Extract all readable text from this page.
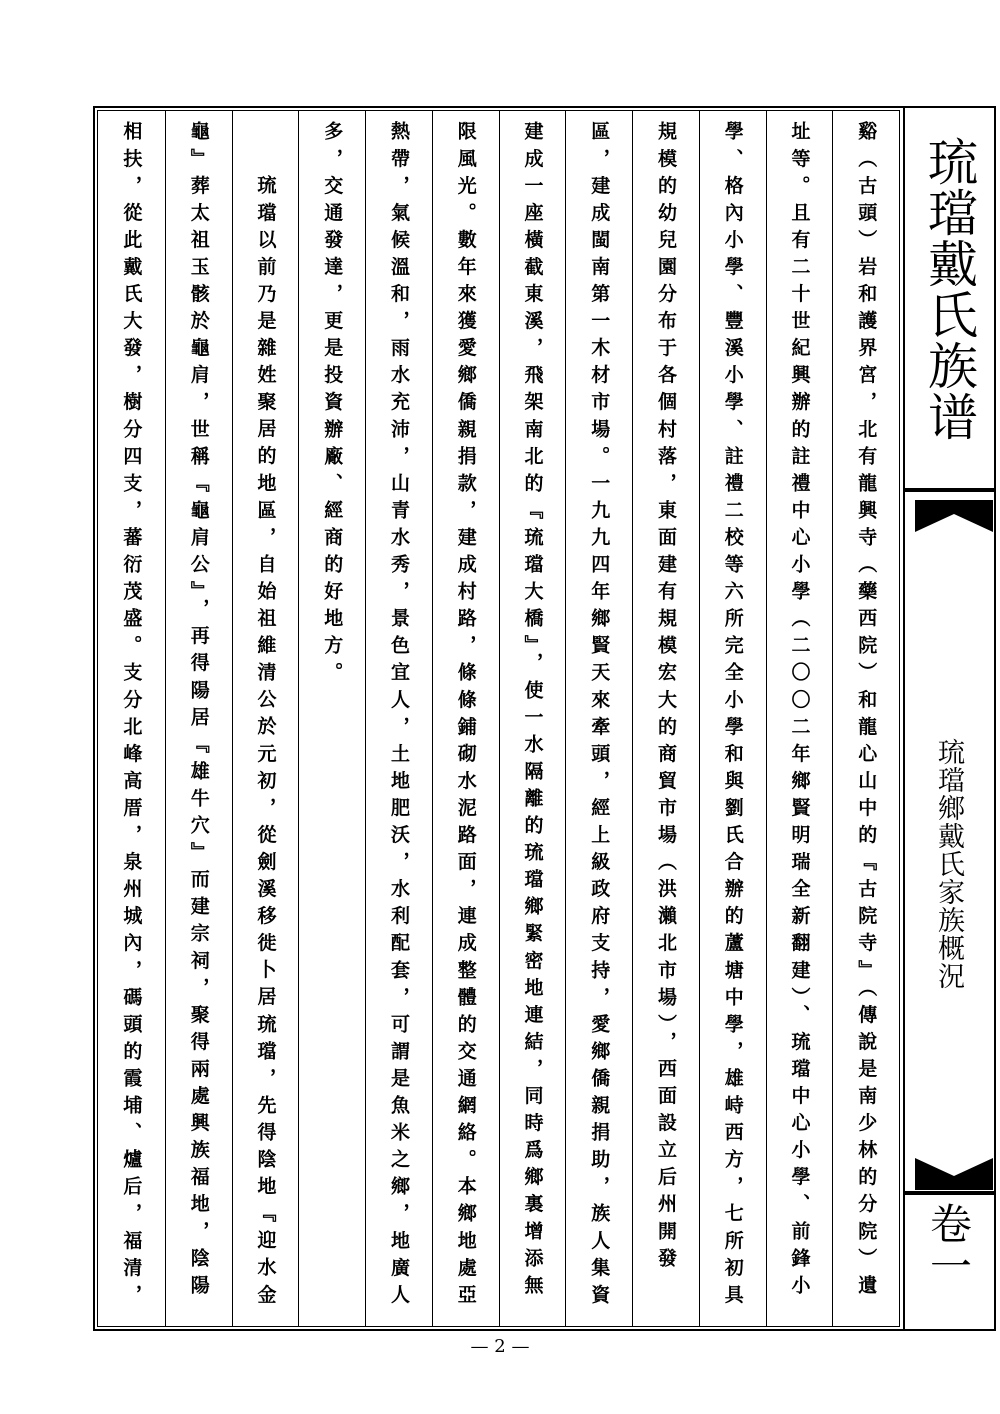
谿（古頭）岩和護界宮，北有龍興寺（藥西院）和龍心山中的『古院寺』（傳說是南少林的分院）遺
址等。且有二十世紀興辦的註禮中心小學（二〇〇二年鄉賢明瑞全新翻建）、琉璫中心小學、前鋒小
學、格內小學、豐溪小學、註禮二校等六所完全小學和與劉氏合辦的蘆塘中學，雄峙西方，七所初具
規模的幼兒園分布于各個村落，東面建有規模宏大的商貿市場（洪瀨北市場），西面設立后州開發
區，建成閩南第一木材市場。一九九四年鄉賢天來牽頭，經上級政府支持，愛鄉僑親捐助，族人集資
建成一座橫截東溪，飛架南北的『琉璫大橋』，使一水隔離的琉璫鄉緊密地連結，同時爲鄉裏增添無
限風光。數年來獲愛鄉僑親捐款，建成村路，條條鋪砌水泥路面，連成整體的交通網絡。本鄉地處亞
熱帶，氣候溫和，雨水充沛，山青水秀，景色宜人，土地肥沃，水利配套，可謂是魚米之鄉，地廣人
多，交通發達，更是投資辦廠、經商的好地方。
琉璫以前乃是雜姓聚居的地區，自始祖維清公於元初，從劍溪移徙卜居琉璫，先得陰地『迎水金
龜』葬太祖玉骸於龜肩，世稱『龜肩公』，再得陽居『雄牛穴』而建宗祠，聚得兩處興族福地，陰陽
相扶，從此戴氏大發，樹分四支，蕃衍茂盛。支分北峰高厝，泉州城內，碼頭的霞埔、爐后，福清，	琉璫戴氏族谱
琉璫鄉戴氏家族概況
卷一
— 2 —
